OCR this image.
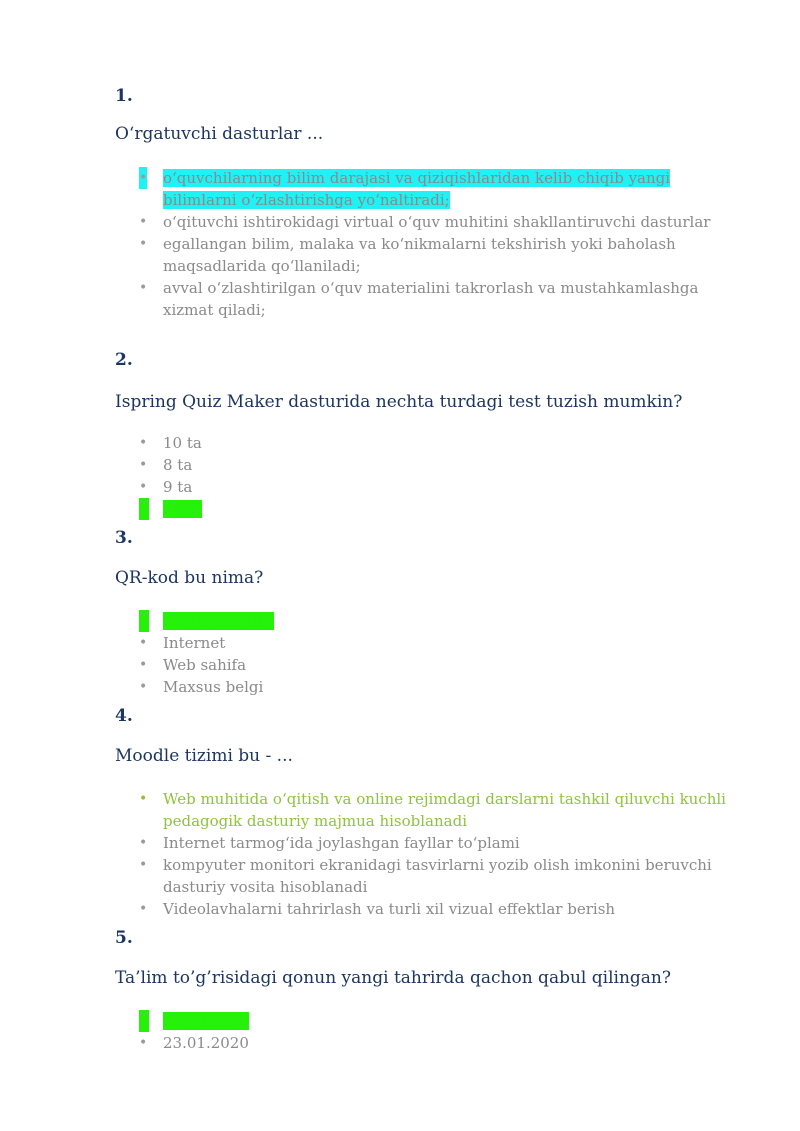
1.

O‘rgatuvchi dasturlar ...

• o‘quvchilarning bilim darajasi va qiziqishlaridan kelib chiqib yangi bilimlarni o‘zlashtirishga yo‘naltiradi;
• o‘qituvchi ishtirokidagi virtual o‘quv muhitini shakllantiruvchi dasturlar
• egallangan bilim, malaka va ko‘nikmalarni tekshirish yoki baholash maqsadlarida qo‘llaniladi;
• avval o‘zlashtirilgan o‘quv materialini takrorlash va mustahkamlashga xizmat qiladi;

2.

Ispring Quiz Maker dasturida nechta turdagi test tuzish mumkin?

• 10 ta
• 8 ta
• 9 ta
• 11 ta

3.

QR-kod bu nima?

• Shtrix kod turi
• Internet
• Web sahifa
• Maxsus belgi

4.

Moodle tizimi bu - ...

• Web muhitida o‘qitish va online rejimdagi darslarni tashkil qiluvchi kuchli pedagogik dasturiy majmua hisoblanadi
• Internet tarmog‘ida joylashgan fayllar to‘plami
• kompyuter monitori ekranidagi tasvirlarni yozib olish imkonini beruvchi dasturiy vosita hisoblanadi
• Videolavhalarni tahrirlash va turli xil vizual effektlar berish

5.

Ta’lim to’g’risidagi qonun yangi tahrirda qachon qabul qilingan?

• 23.09.2020
• 23.01.2020
